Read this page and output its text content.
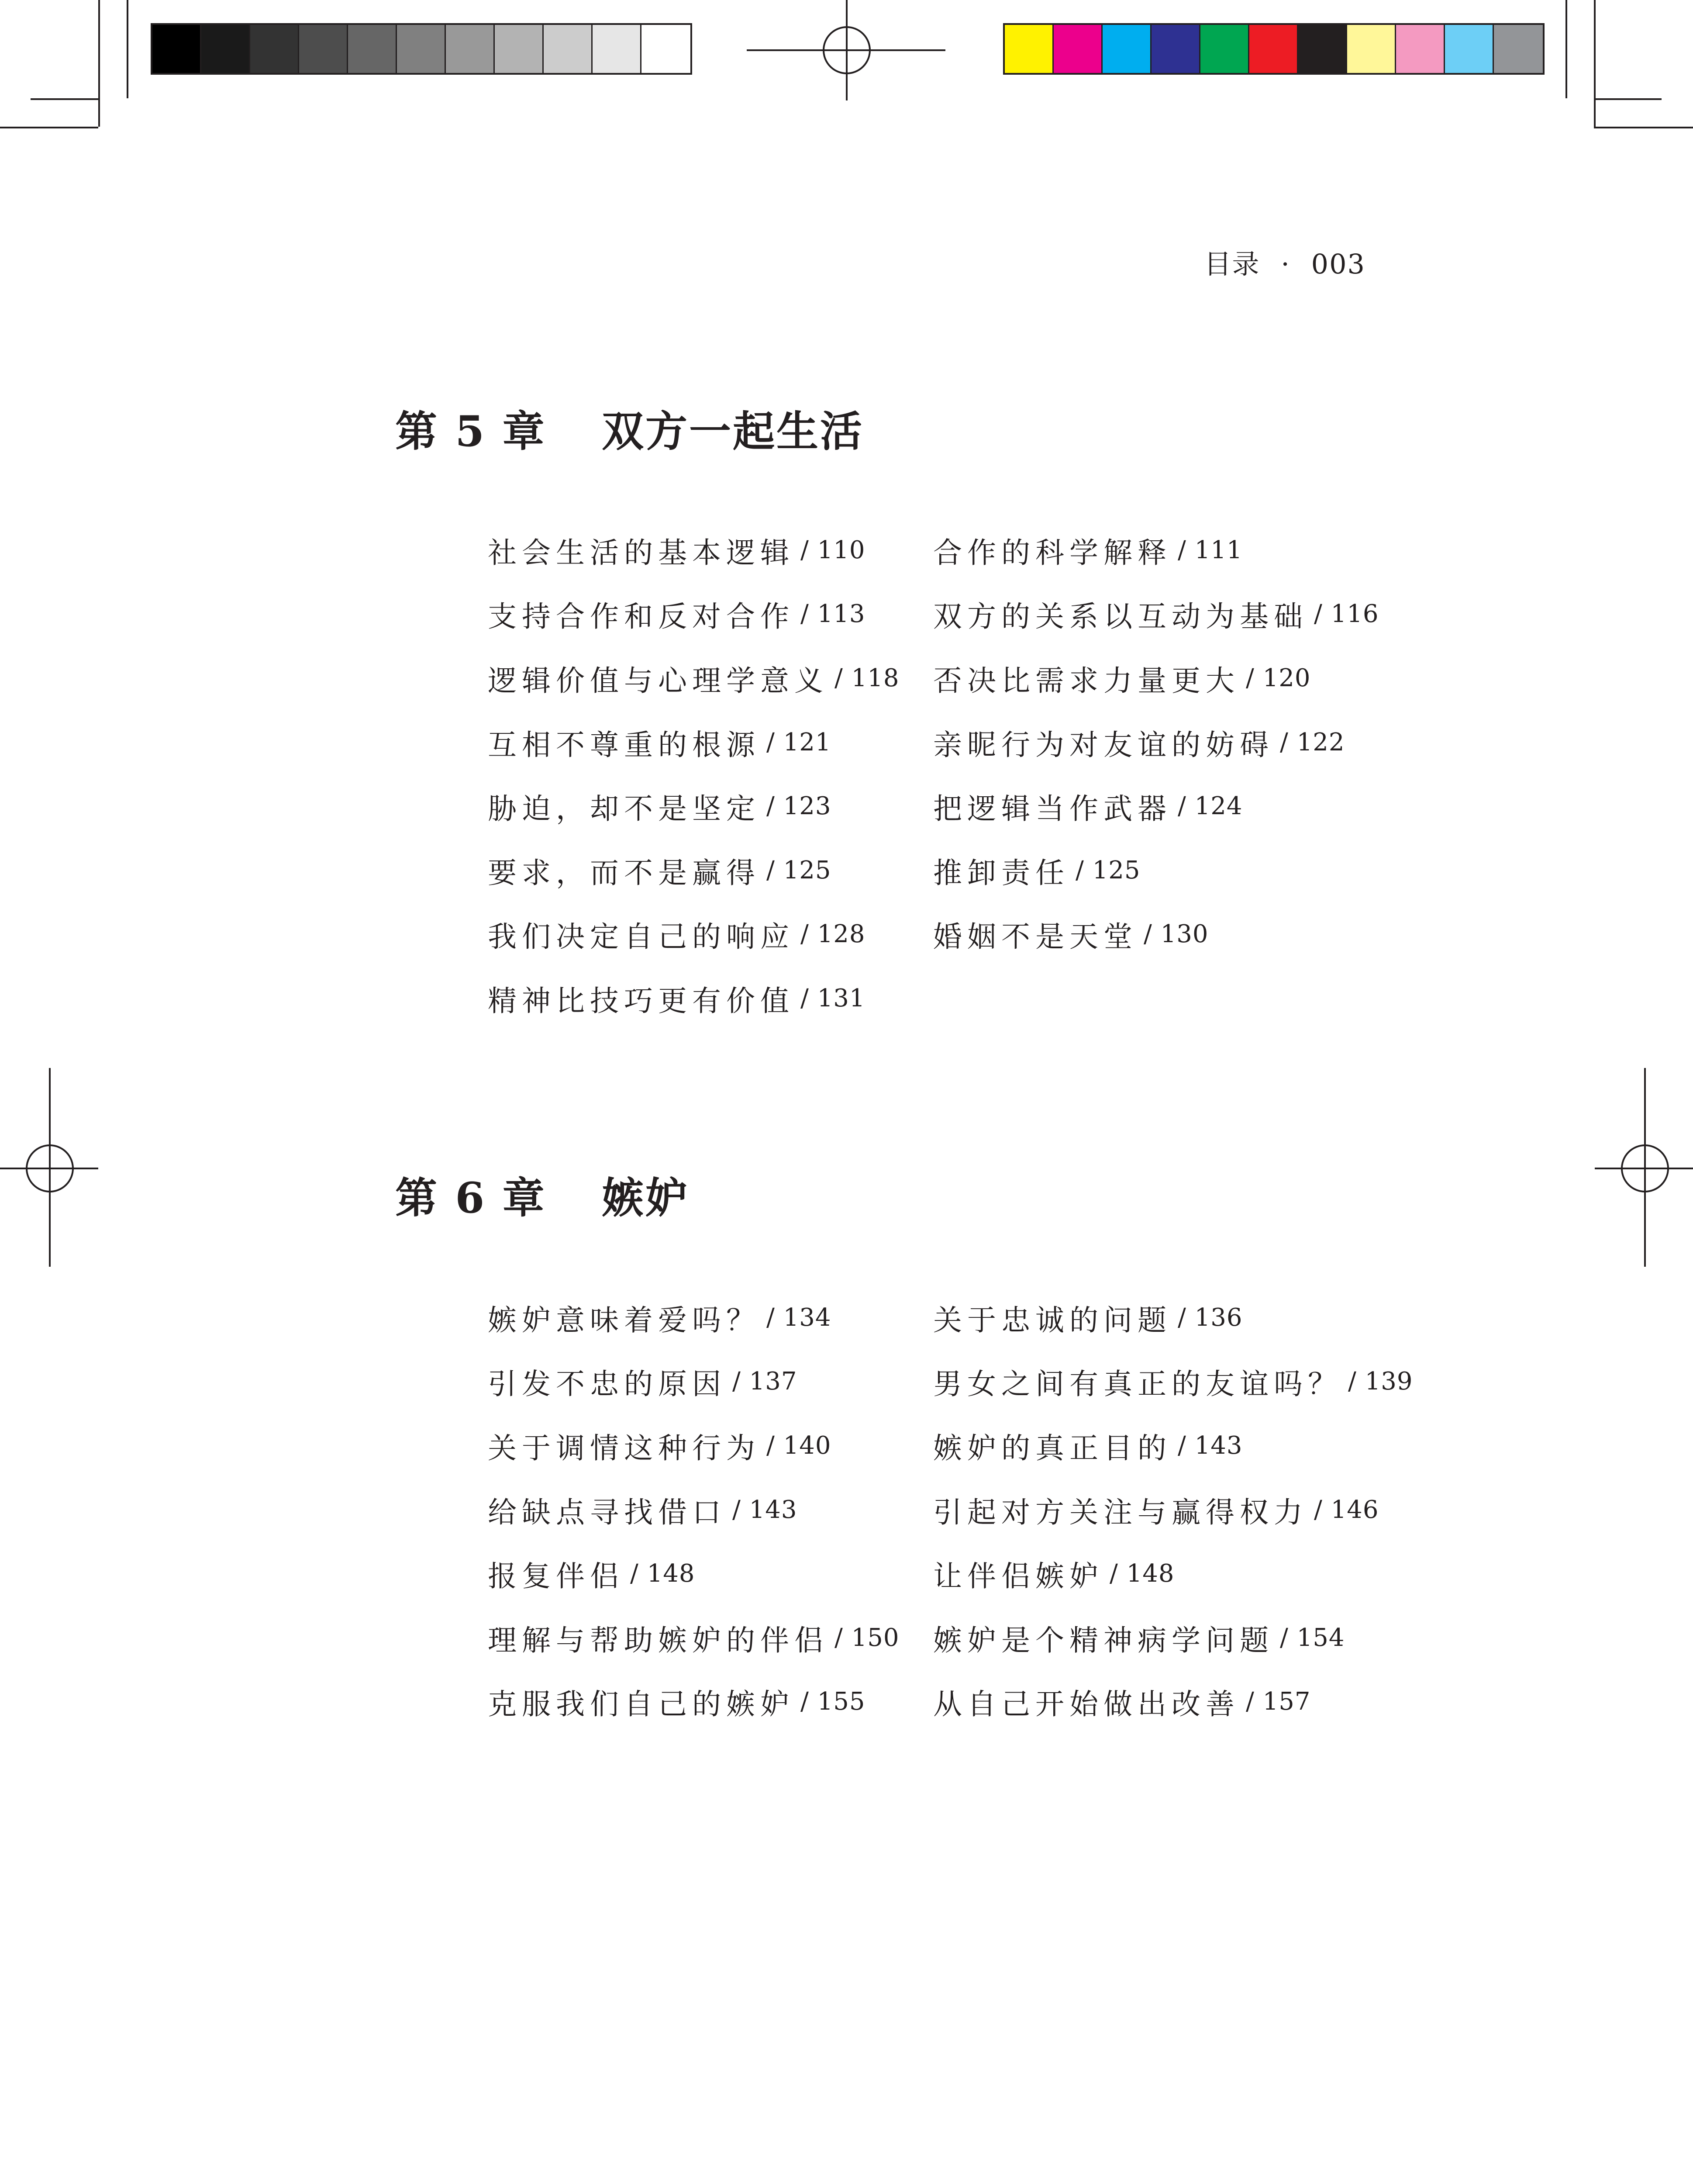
目录 · 003
第 5 章 双方一起生活
社会生活的基本逻辑 / 110 合作的科学解释 / 111
支持合作和反对合作 / 113 双方的关系以互动为基础 / 116
逻辑价值与心理学意义 / 118 否决比需求力量更大 / 120
互相不尊重的根源 / 121	亲昵行为对友谊的妨碍 / 122
胁迫，却不是坚定 / 123	把逻辑当作武器 / 124
要求，而不是赢得 / 125	推卸责任 / 125
我们决定自己的响应 / 128 婚姻不是天堂 / 130
精神比技巧更有价值 / 131
第 6 章 嫉妒
嫉妒意味着爱吗？ / 134	关于忠诚的问题 / 136
引发不忠的原因 / 137	男女之间有真正的友谊吗？ / 139
关于调情这种行为 / 140	嫉妒的真正目的 / 143
给缺点寻找借口 / 143	引起对方关注与赢得权力 / 146
报复伴侣 / 148	让伴侣嫉妒 / 148
理解与帮助嫉妒的伴侣 / 150 嫉妒是个精神病学问题 / 154
克服我们自己的嫉妒 / 155 从自己开始做出改善 / 157
